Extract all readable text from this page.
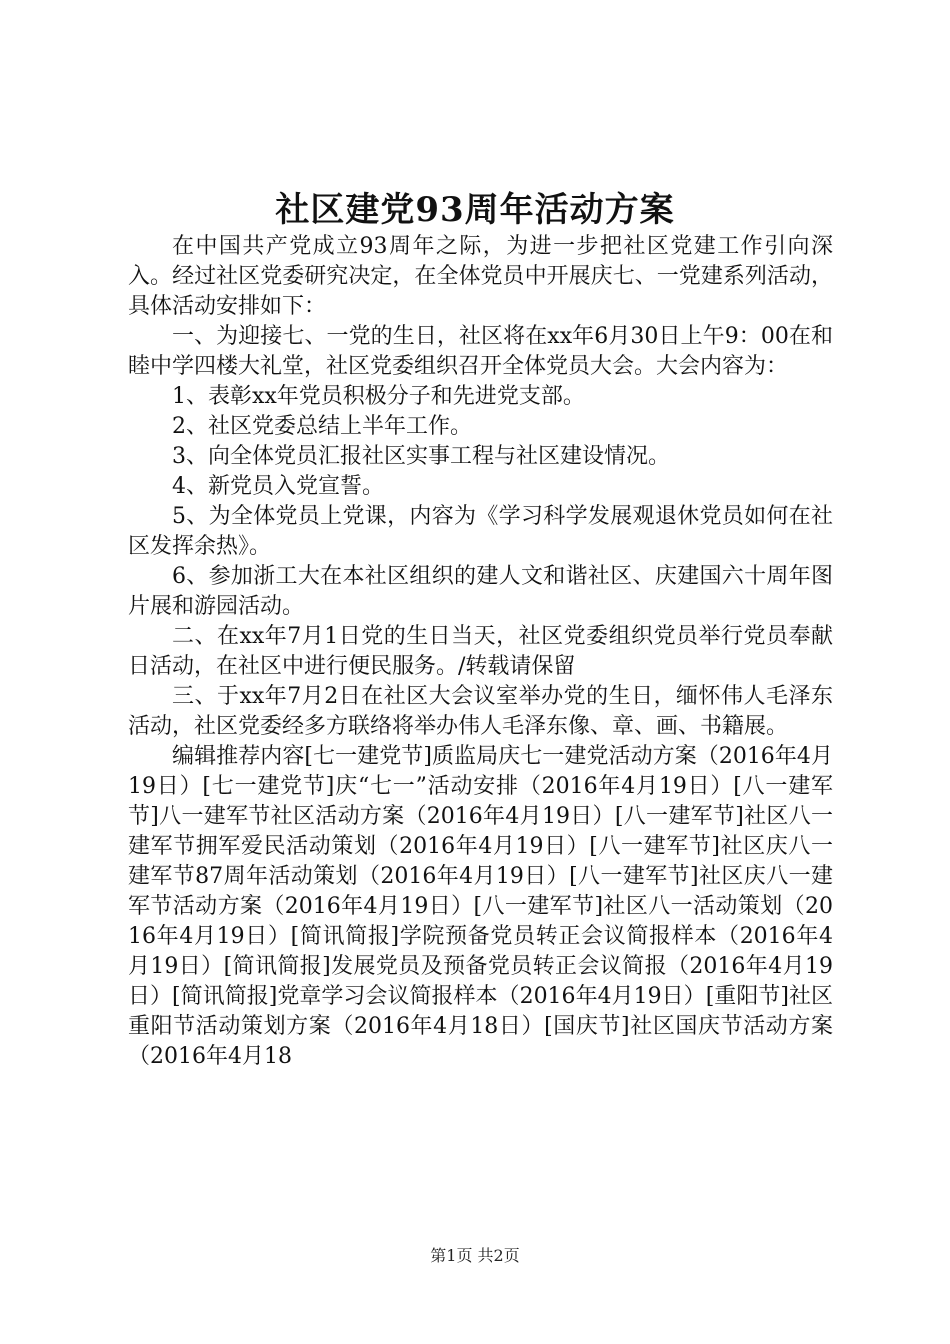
社区建党93周年活动方案

在中国共产党成立93周年之际，为进一步把社区党建工作引向深入。经过社区党委研究决定，在全体党员中开展庆七、一党建系列活动，具体活动安排如下：

一、为迎接七、一党的生日，社区将在xx年6月30日上午9：00在和睦中学四楼大礼堂，社区党委组织召开全体党员大会。大会内容为：

1、表彰xx年党员积极分子和先进党支部。

2、社区党委总结上半年工作。

3、向全体党员汇报社区实事工程与社区建设情况。

4、新党员入党宣誓。

5、为全体党员上党课，内容为《学习科学发展观退休党员如何在社区发挥余热》。

6、参加浙工大在本社区组织的建人文和谐社区、庆建国六十周年图片展和游园活动。

二、在xx年7月1日党的生日当天，社区党委组织党员举行党员奉献日活动，在社区中进行便民服务。/转载请保留

三、于xx年7月2日在社区大会议室举办党的生日，缅怀伟人毛泽东活动，社区党委经多方联络将举办伟人毛泽东像、章、画、书籍展。

编辑推荐内容[七一建党节]质监局庆七一建党活动方案（2016年4月19日）[七一建党节]庆“七一”活动安排（2016年4月19日）[八一建军节]八一建军节社区活动方案（2016年4月19日）[八一建军节]社区八一建军节拥军爱民活动策划（2016年4月19日）[八一建军节]社区庆八一建军节87周年活动策划（2016年4月19日）[八一建军节]社区庆八一建军节活动方案（2016年4月19日）[八一建军节]社区八一活动策划（2016年4月19日）[简讯简报]学院预备党员转正会议简报样本（2016年4月19日）[简讯简报]发展党员及预备党员转正会议简报（2016年4月19日）[简讯简报]党章学习会议简报样本（2016年4月19日）[重阳节]社区重阳节活动策划方案（2016年4月18日）[国庆节]社区国庆节活动方案（2016年4月18

第1页 共2页
